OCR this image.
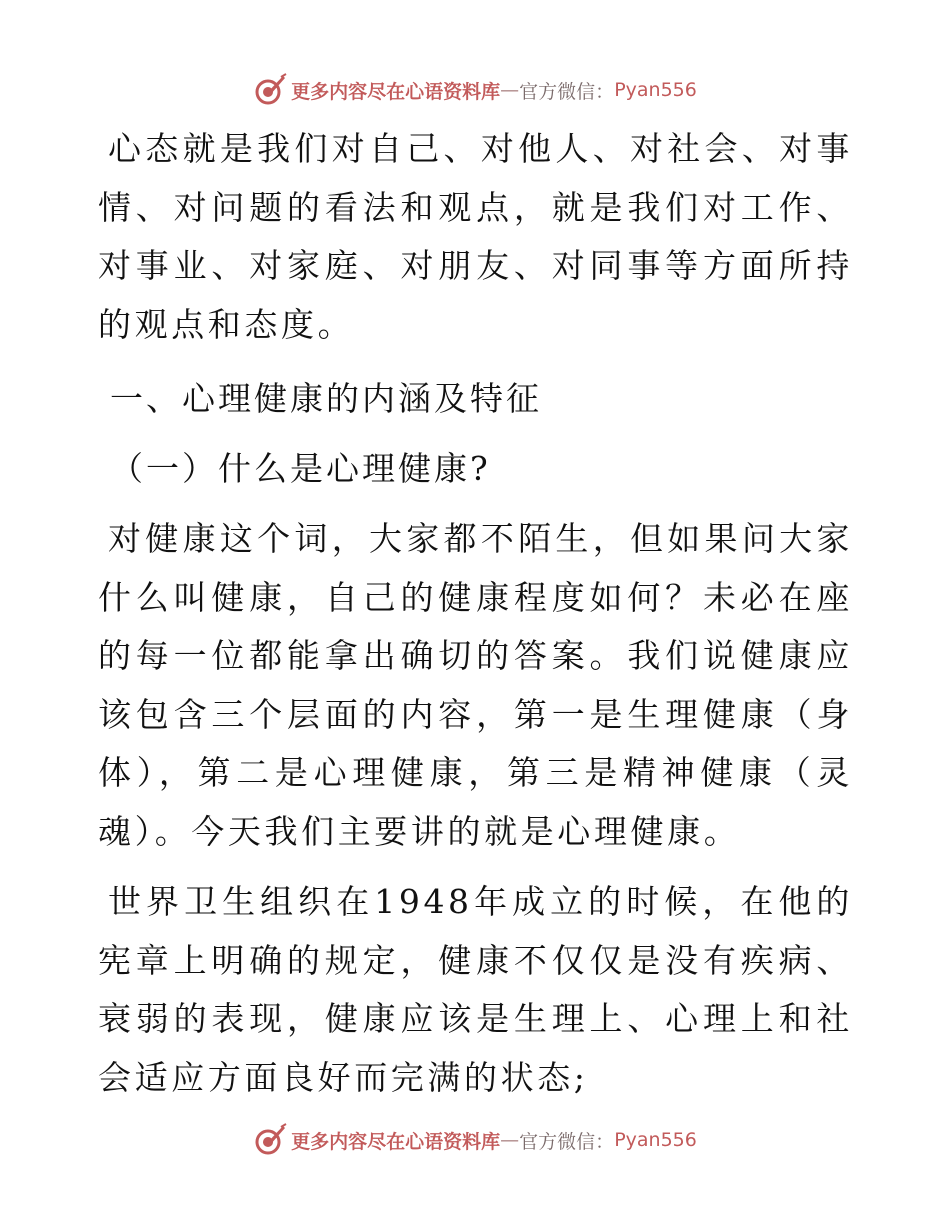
更多内容尽在心语资料库 — 官方微信： Pyan556

心态就是我们对自己、对他人、对社会、对事情、对问题的看法和观点，就是我们对工作、对事业、对家庭、对朋友、对同事等方面所持的观点和态度。

一、心理健康的内涵及特征

（一）什么是心理健康?

对健康这个词，大家都不陌生，但如果问大家什么叫健康，自己的健康程度如何？未必在座的每一位都能拿出确切的答案。我们说健康应该包含三个层面的内容，第一是生理健康（身体），第二是心理健康，第三是精神健康（灵魂）。今天我们主要讲的就是心理健康。

世界卫生组织在1948年成立的时候，在他的宪章上明确的规定，健康不仅仅是没有疾病、衰弱的表现，健康应该是生理上、心理上和社会适应方面良好而完满的状态;

更多内容尽在心语资料库 — 官方微信： Pyan556
